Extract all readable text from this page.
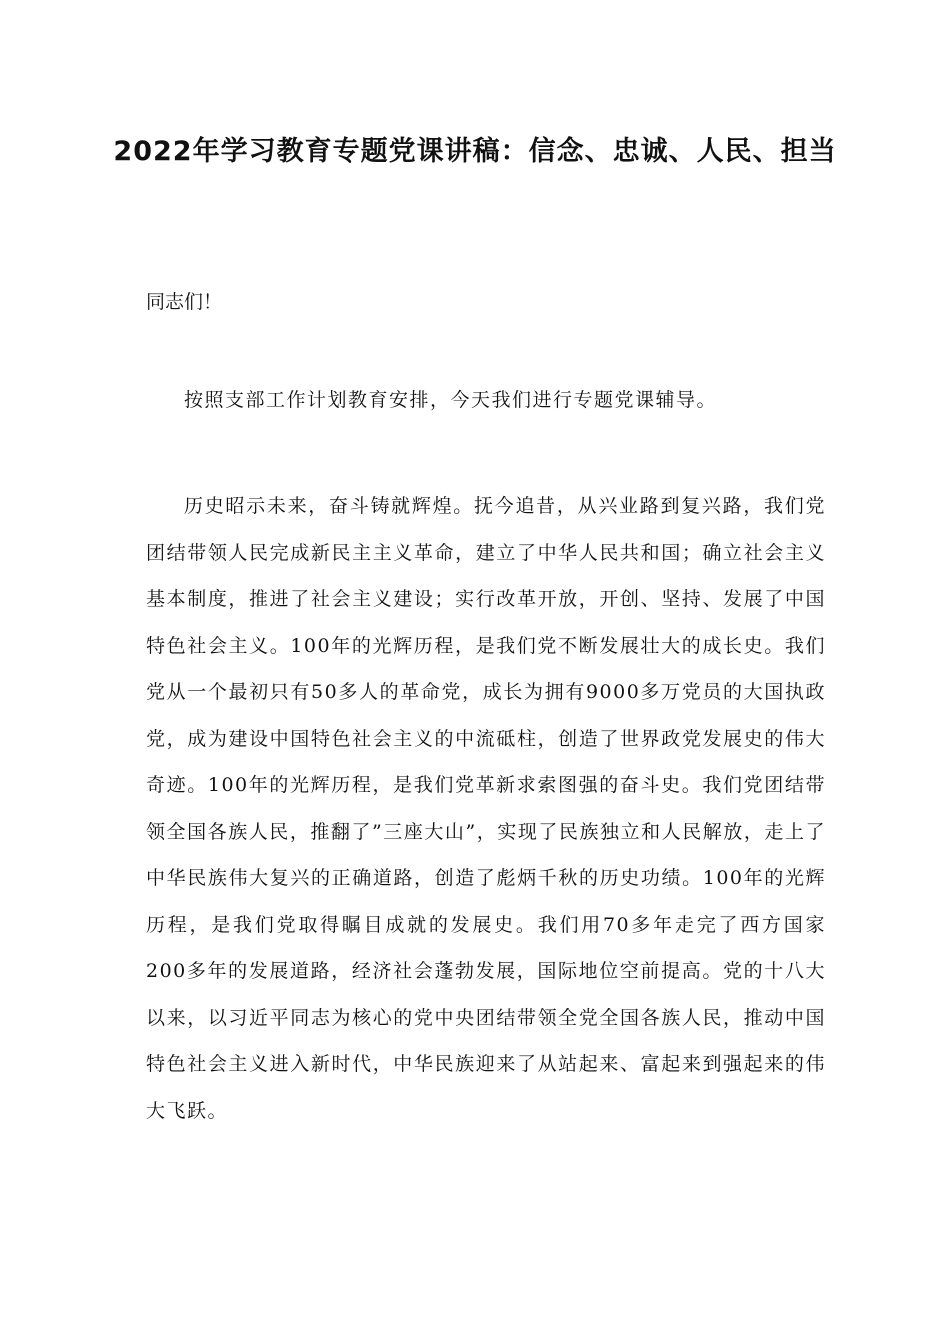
2022年学习教育专题党课讲稿：信念、忠诚、人民、担当
同志们！
按照支部工作计划教育安排，今天我们进行专题党课辅导。
历史昭示未来，奋斗铸就辉煌。抚今追昔，从兴业路到复兴路，我们党团结带领人民完成新民主主义革命，建立了中华人民共和国；确立社会主义基本制度，推进了社会主义建设；实行改革开放，开创、坚持、发展了中国特色社会主义。100年的光辉历程，是我们党不断发展壮大的成长史。我们党从一个最初只有50多人的革命党，成长为拥有9000多万党员的大国执政党，成为建设中国特色社会主义的中流砥柱，创造了世界政党发展史的伟大奇迹。100年的光辉历程，是我们党革新求索图强的奋斗史。我们党团结带领全国各族人民，推翻了”三座大山”，实现了民族独立和人民解放，走上了中华民族伟大复兴的正确道路，创造了彪炳千秋的历史功绩。100年的光辉历程，是我们党取得瞩目成就的发展史。我们用70多年走完了西方国家200多年的发展道路，经济社会蓬勃发展，国际地位空前提高。党的十八大以来，以习近平同志为核心的党中央团结带领全党全国各族人民，推动中国特色社会主义进入新时代，中华民族迎来了从站起来、富起来到强起来的伟大飞跃。
